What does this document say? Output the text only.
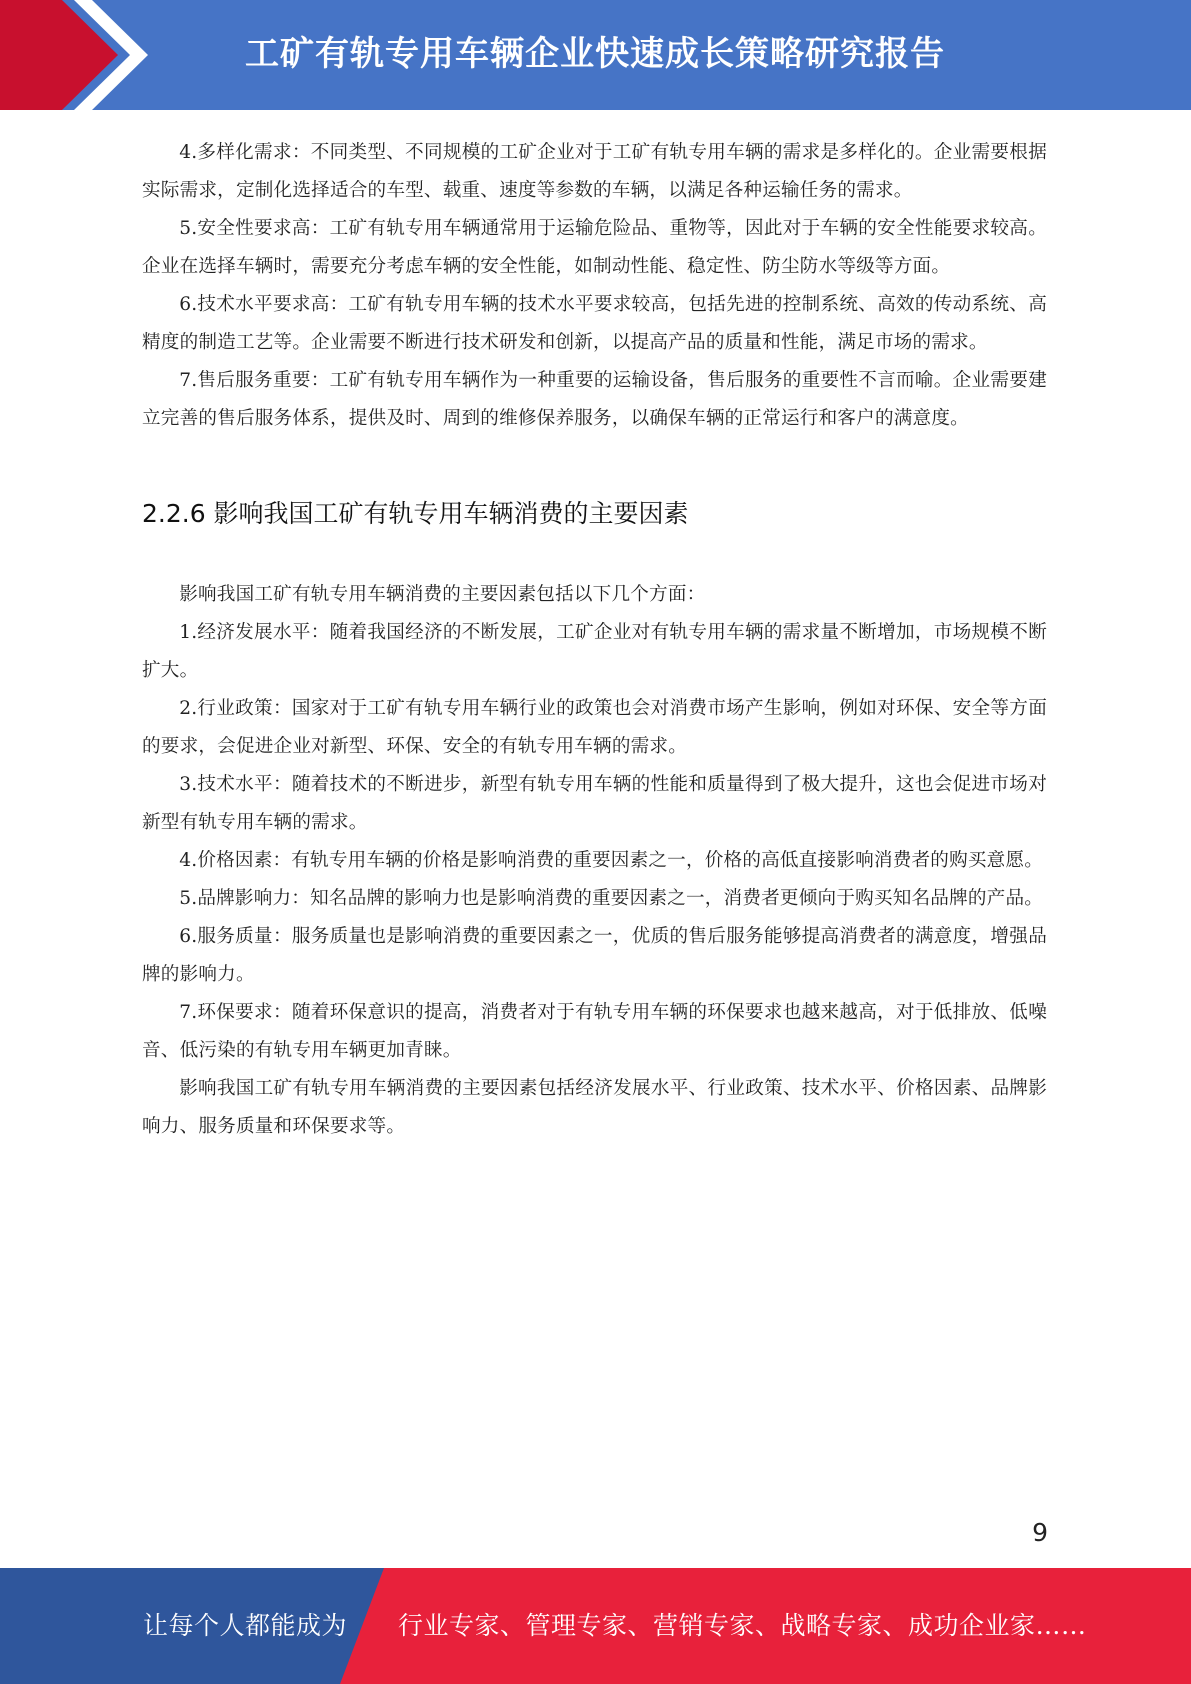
工矿有轨专用车辆企业快速成长策略研究报告

4.多样化需求：不同类型、不同规模的工矿企业对于工矿有轨专用车辆的需求是多样化的。企业需要根据实际需求，定制化选择适合的车型、载重、速度等参数的车辆，以满足各种运输任务的需求。

5.安全性要求高：工矿有轨专用车辆通常用于运输危险品、重物等，因此对于车辆的安全性能要求较高。企业在选择车辆时，需要充分考虑车辆的安全性能，如制动性能、稳定性、防尘防水等级等方面。

6.技术水平要求高：工矿有轨专用车辆的技术水平要求较高，包括先进的控制系统、高效的传动系统、高精度的制造工艺等。企业需要不断进行技术研发和创新，以提高产品的质量和性能，满足市场的需求。

7.售后服务重要：工矿有轨专用车辆作为一种重要的运输设备，售后服务的重要性不言而喻。企业需要建立完善的售后服务体系，提供及时、周到的维修保养服务，以确保车辆的正常运行和客户的满意度。

2.2.6 影响我国工矿有轨专用车辆消费的主要因素

影响我国工矿有轨专用车辆消费的主要因素包括以下几个方面：

1.经济发展水平：随着我国经济的不断发展，工矿企业对有轨专用车辆的需求量不断增加，市场规模不断扩大。

2.行业政策：国家对于工矿有轨专用车辆行业的政策也会对消费市场产生影响，例如对环保、安全等方面的要求，会促进企业对新型、环保、安全的有轨专用车辆的需求。

3.技术水平：随着技术的不断进步，新型有轨专用车辆的性能和质量得到了极大提升，这也会促进市场对新型有轨专用车辆的需求。

4.价格因素：有轨专用车辆的价格是影响消费的重要因素之一，价格的高低直接影响消费者的购买意愿。

5.品牌影响力：知名品牌的影响力也是影响消费的重要因素之一，消费者更倾向于购买知名品牌的产品。

6.服务质量：服务质量也是影响消费的重要因素之一，优质的售后服务能够提高消费者的满意度，增强品牌的影响力。

7.环保要求：随着环保意识的提高，消费者对于有轨专用车辆的环保要求也越来越高，对于低排放、低噪音、低污染的有轨专用车辆更加青睐。

影响我国工矿有轨专用车辆消费的主要因素包括经济发展水平、行业政策、技术水平、价格因素、品牌影响力、服务质量和环保要求等。

9
让每个人都能成为 行业专家、管理专家、营销专家、战略专家、成功企业家……
